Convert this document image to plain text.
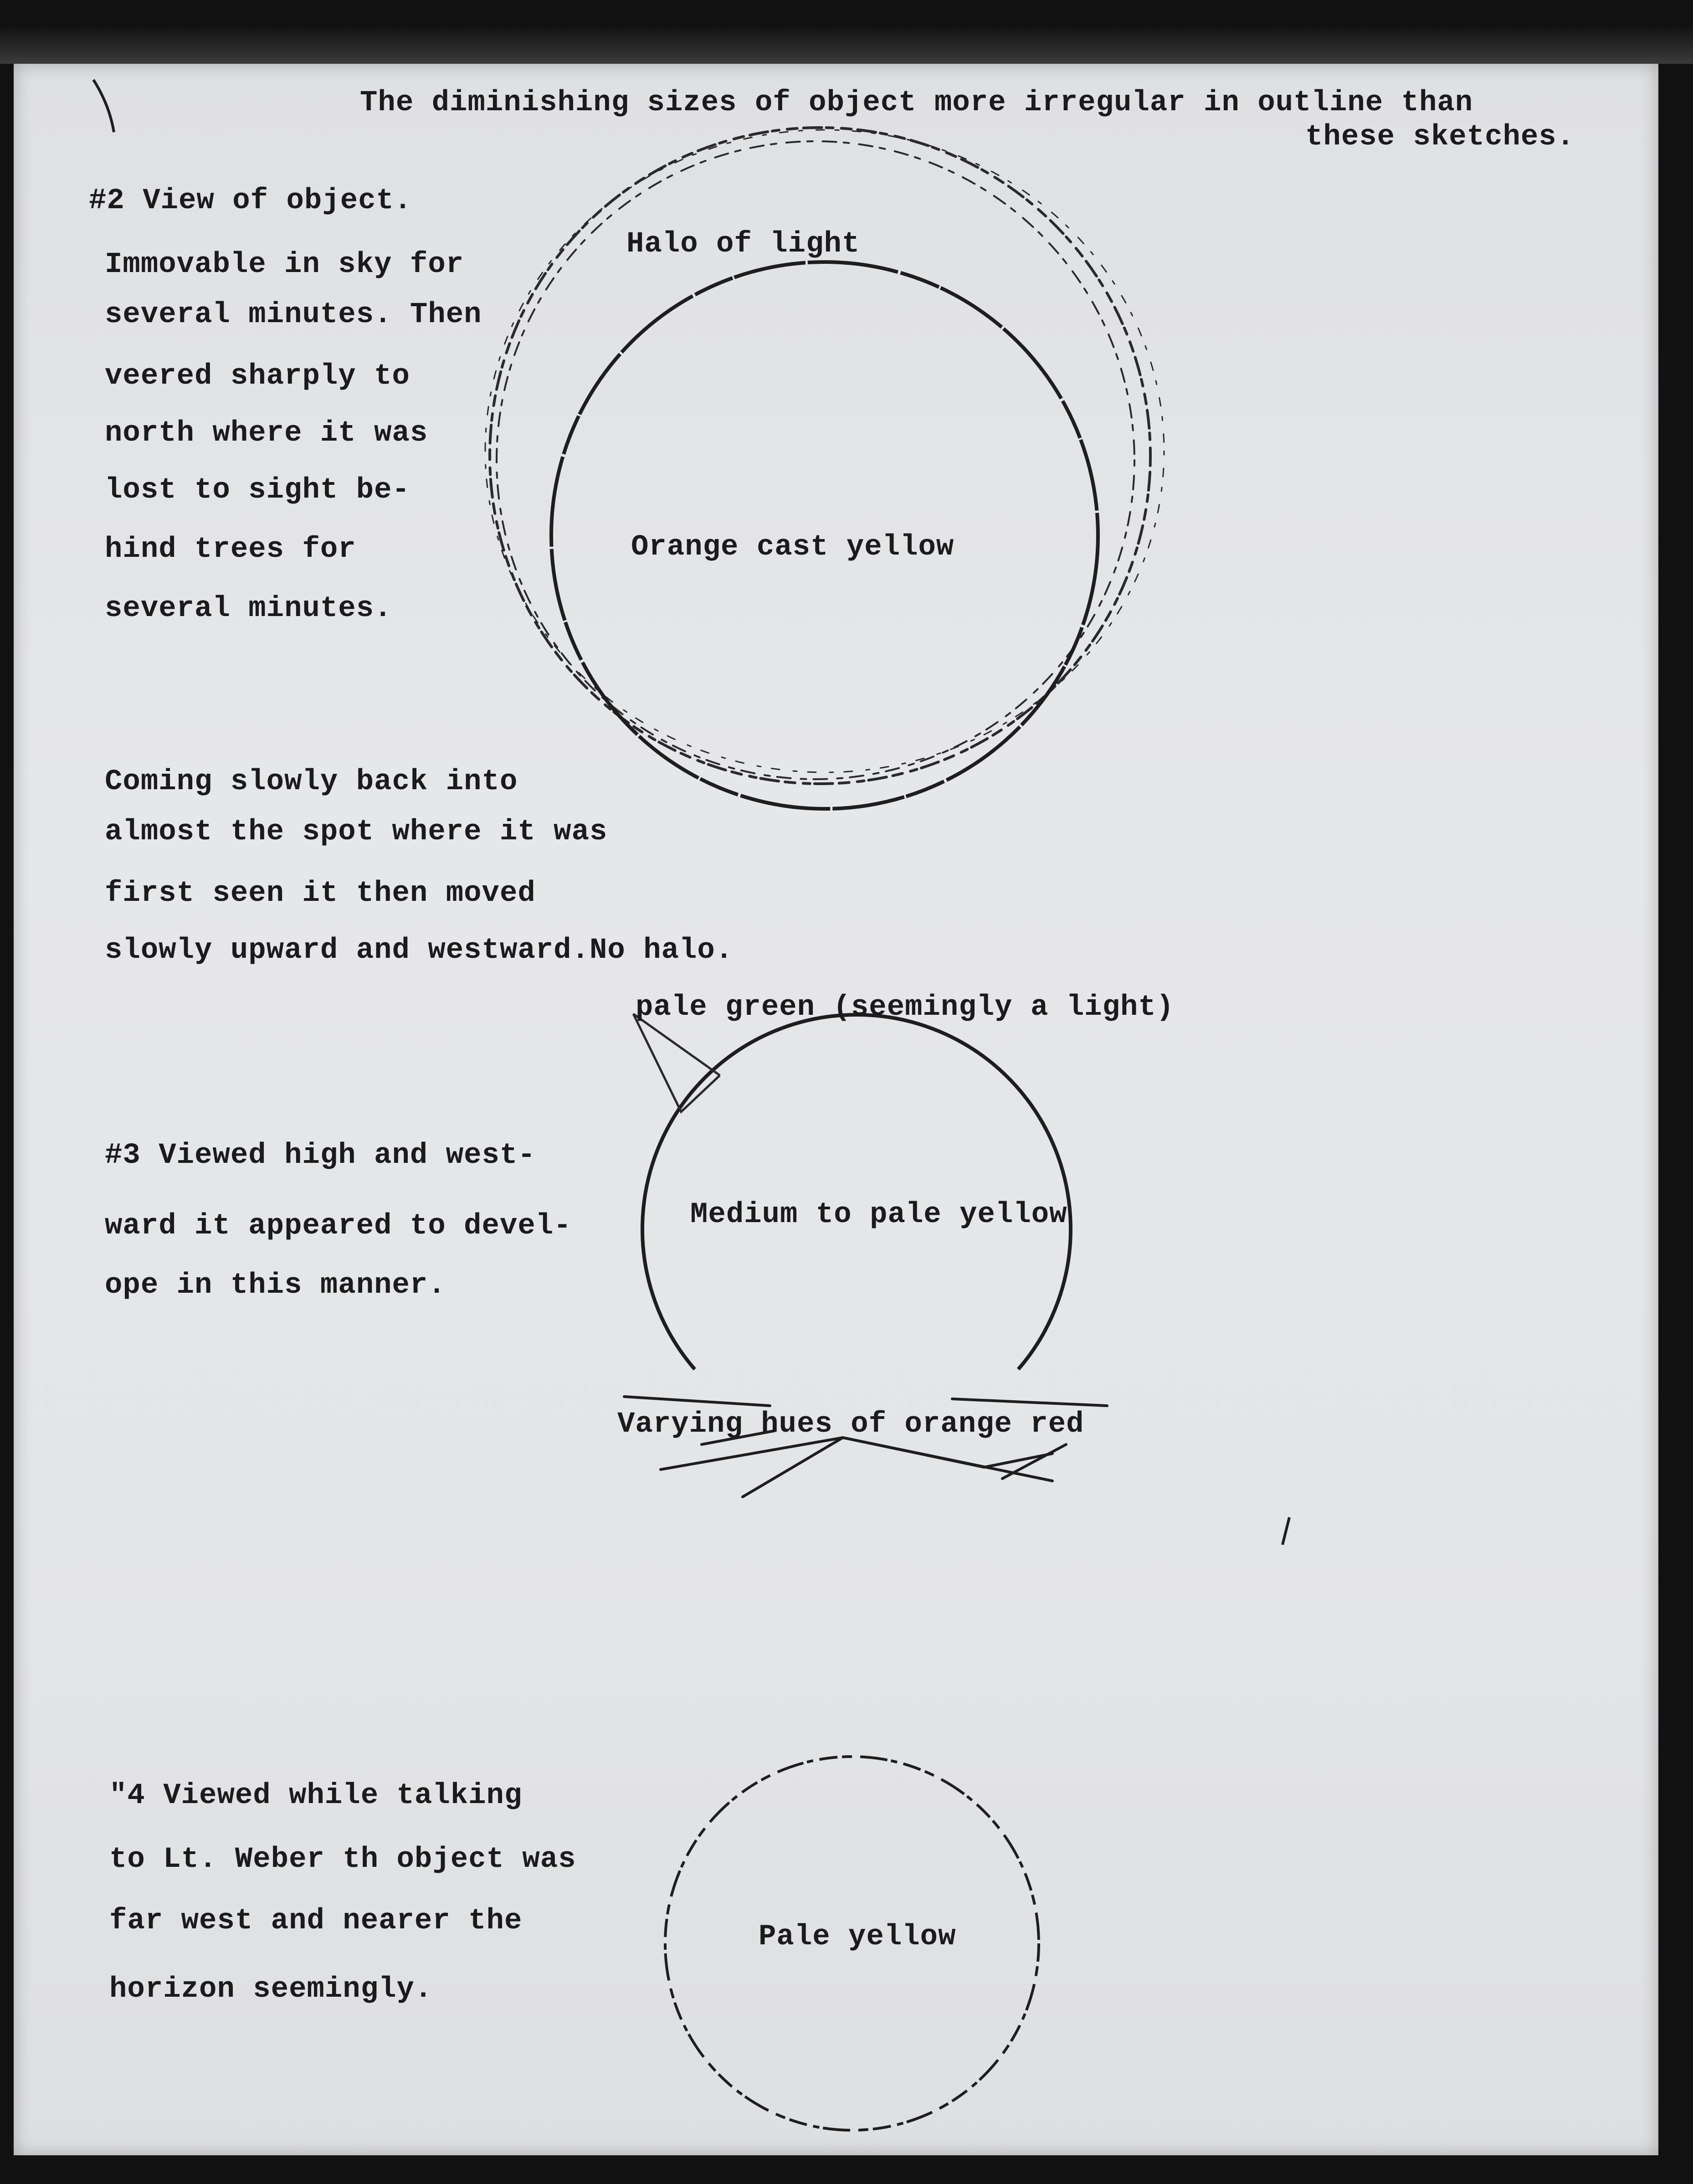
The diminishing sizes of object more irregular in outline than
these sketches.
#2 View of object.
Immovable in sky for
several minutes. Then
veered sharply to
north where it was
lost to sight be-
hind trees for
several minutes.
Halo of light
Orange cast yellow
Coming slowly back into
almost the spot where it was
first seen it then moved
slowly upward and westward.No halo.
pale green (seemingly a light)
#3 Viewed high and west-
ward it appeared to devel-
ope in this manner.
Medium to pale yellow
Varying hues of orange red
"4 Viewed while talking
to Lt. Weber th object was
far west and nearer the
horizon seemingly.
Pale yellow
